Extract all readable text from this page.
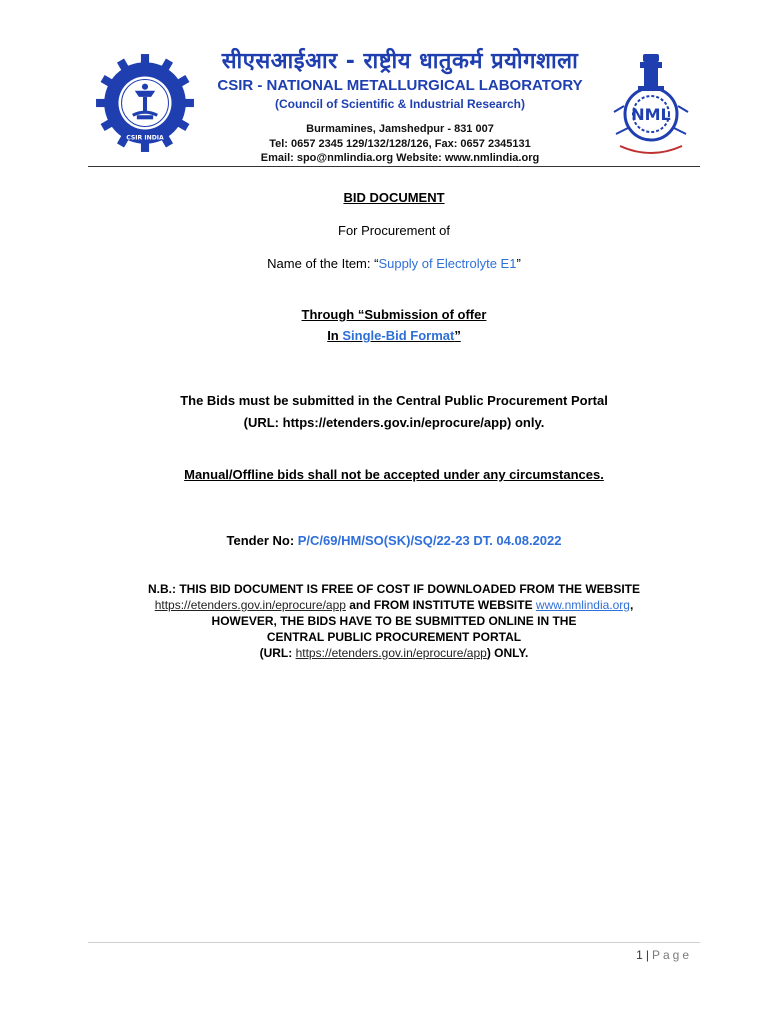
CSIR INDIA
सीएसआईआर - राष्ट्रीय धातुकर्म प्रयोगशाला
CSIR - NATIONAL METALLURGICAL LABORATORY
(Council of Scientific & Industrial Research)
Burmamines, Jamshedpur - 831 007
Tel: 0657 2345 129/132/128/126, Fax: 0657 2345131
Email: spo@nmlindia.org Website: www.nmlindia.org
NML
BID DOCUMENT
For Procurement of
Name of the Item: “Supply of Electrolyte E1”
Through “Submission of offer
In Single-Bid Format”
The Bids must be submitted in the Central Public Procurement Portal
(URL: https://etenders.gov.in/eprocure/app) only.
Manual/Offline bids shall not be accepted under any circumstances.
Tender No: P/C/69/HM/SO(SK)/SQ/22-23 DT. 04.08.2022
N.B.: THIS BID DOCUMENT IS FREE OF COST IF DOWNLOADED FROM THE WEBSITE
https://etenders.gov.in/eprocure/app and FROM INSTITUTE WEBSITE www.nmlindia.org,
HOWEVER, THE BIDS HAVE TO BE SUBMITTED ONLINE IN THE
CENTRAL PUBLIC PROCUREMENT PORTAL
(URL: https://etenders.gov.in/eprocure/app) ONLY.
1 | Page
